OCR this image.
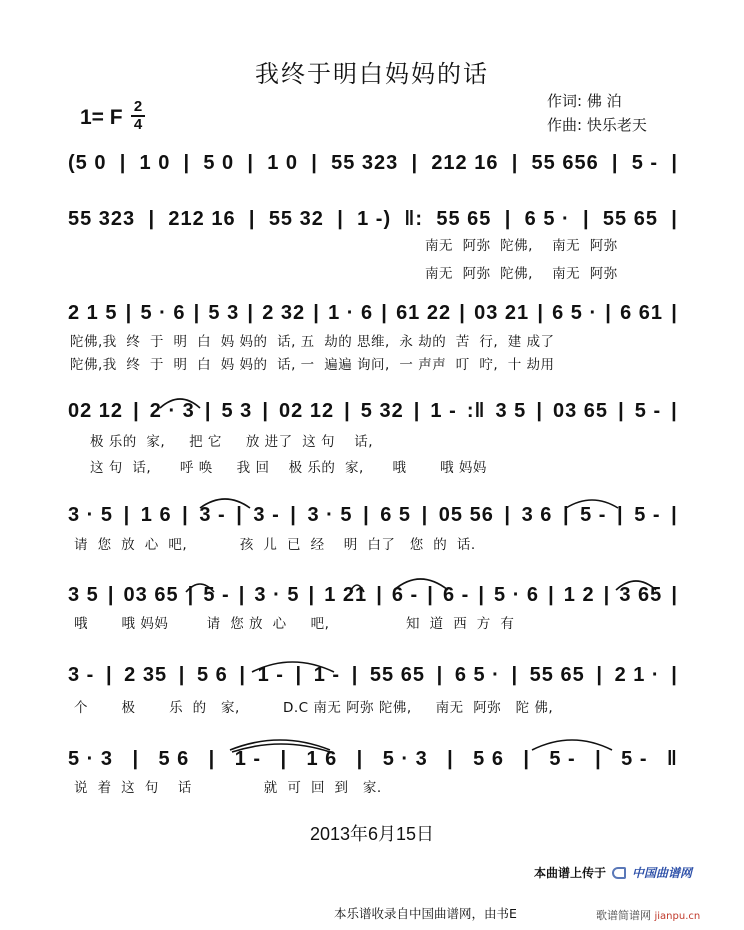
我终于明白妈妈的话
1= F $\frac{2}{4}$	作词: 佛 泊
作曲: 快乐老天
(5 0 | 1 0 | 5 0 | 1 0 | 55 323 | 212 16 | 55 656 | 5 - |
55 323 | 212 16 | 55 32 | 1 -) ‖: 55 65 | 6 5 · | 55 65 |
南无  阿弥  陀佛,    南无  阿弥
南无  阿弥  陀佛,    南无  阿弥
2 1 5 | 5 · 6 | 5 3 | 2 32 | 1 · 6 | 61 22 | 03 21 | 6 5 · | 6 61 |
陀佛,我  终  于  明  白  妈 妈的  话, 五  劫的 思维,  永 劫的  苦  行,  建 成了
陀佛,我  终  于  明  白  妈 妈的  话, 一  遍遍 询问,  一 声声  叮  咛,  十 劫用
02 12 | 2 · 3 | 5 3 | 02 12 | 5 32 | 1 - :‖ 3 5 | 03 65 | 5 - |
极 乐的  家,     把 它     放 进了  这 句    话,
这 句  话,      呼 唤     我 回    极 乐的  家,      哦       哦 妈妈
3 · 5 | 1 6 | 3 - | 3 - | 3 · 5 | 6 5 | 05 56 | 3 6 | 5 - | 5 - |
请  您  放  心  吧,           孩  儿  已  经    明  白了   您  的  话.
3 5 | 03 65 | 5 - | 3 · 5 | 1 21 | 6 - | 6 - | 5 · 6 | 1 2 | 3 65 |
哦       哦 妈妈        请  您 放  心     吧,                知  道  西  方  有
3 - | 2 35 | 5 6 | 1 - | 1 - | 55 65 | 6 5 · | 55 65 | 2 1 · |
个       极       乐  的   家,         D.C 南无 阿弥 陀佛,     南无  阿弥   陀 佛,
5 · 3 | 5 6 | 1 - | 1 6 | 5 · 3 | 5 6 | 5 - | 5 - ‖
说  着  这  句    话               就  可  回  到   家.
2013年6月15日
本曲谱上传于 中国曲谱网
本乐谱收录自中国曲谱网，由书E	歌谱简谱网 jianpu.cn
